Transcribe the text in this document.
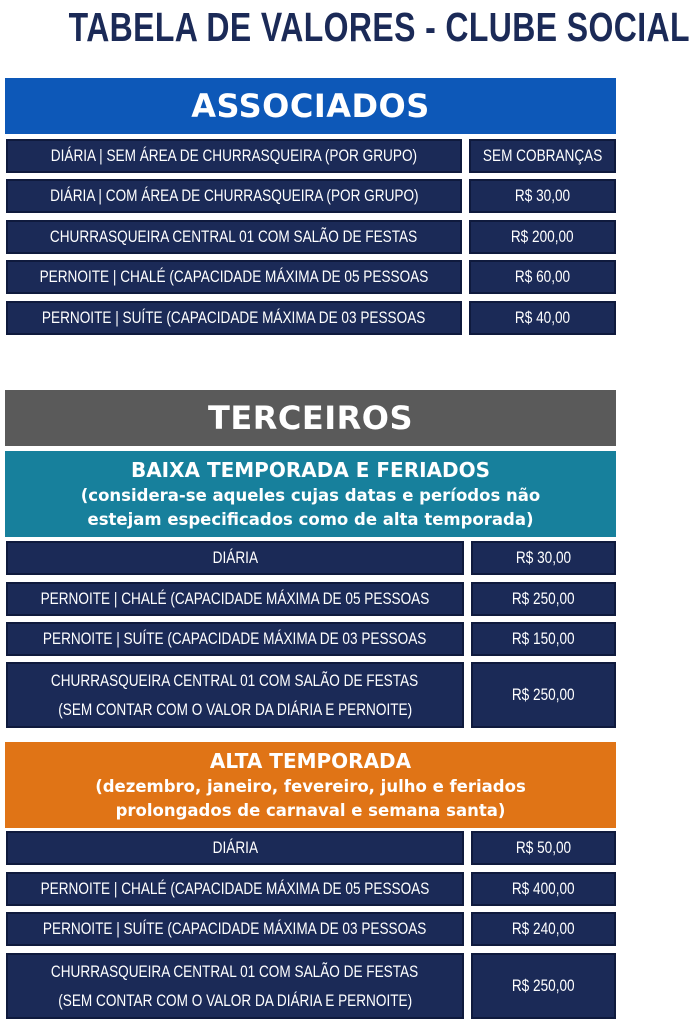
TABELA DE VALORES - CLUBE SOCIAL
ASSOCIADOS
DIÁRIA | SEM ÁREA DE CHURRASQUEIRA (POR GRUPO)	SEM COBRANÇAS
DIÁRIA | COM ÁREA DE CHURRASQUEIRA (POR GRUPO)	R$ 30,00
CHURRASQUEIRA CENTRAL 01 COM SALÃO DE FESTAS	R$ 200,00
PERNOITE | CHALÉ (CAPACIDADE MÁXIMA DE 05 PESSOAS	R$ 60,00
PERNOITE | SUÍTE (CAPACIDADE MÁXIMA DE 03 PESSOAS	R$ 40,00
TERCEIROS
BAIXA TEMPORADA E FERIADOS
(considera-se aqueles cujas datas e períodos não
estejam especificados como de alta temporada)
DIÁRIA	R$ 30,00
PERNOITE | CHALÉ (CAPACIDADE MÁXIMA DE 05 PESSOAS	R$ 250,00
PERNOITE | SUÍTE (CAPACIDADE MÁXIMA DE 03 PESSOAS	R$ 150,00
CHURRASQUEIRA CENTRAL 01 COM SALÃO DE FESTAS
(SEM CONTAR COM O VALOR DA DIÁRIA E PERNOITE)
R$ 250,00
ALTA TEMPORADA
(dezembro, janeiro, fevereiro, julho e feriados
prolongados de carnaval e semana santa)
DIÁRIA	R$ 50,00
PERNOITE | CHALÉ (CAPACIDADE MÁXIMA DE 05 PESSOAS	R$ 400,00
PERNOITE | SUÍTE (CAPACIDADE MÁXIMA DE 03 PESSOAS	R$ 240,00
CHURRASQUEIRA CENTRAL 01 COM SALÃO DE FESTAS
(SEM CONTAR COM O VALOR DA DIÁRIA E PERNOITE)
R$ 250,00
